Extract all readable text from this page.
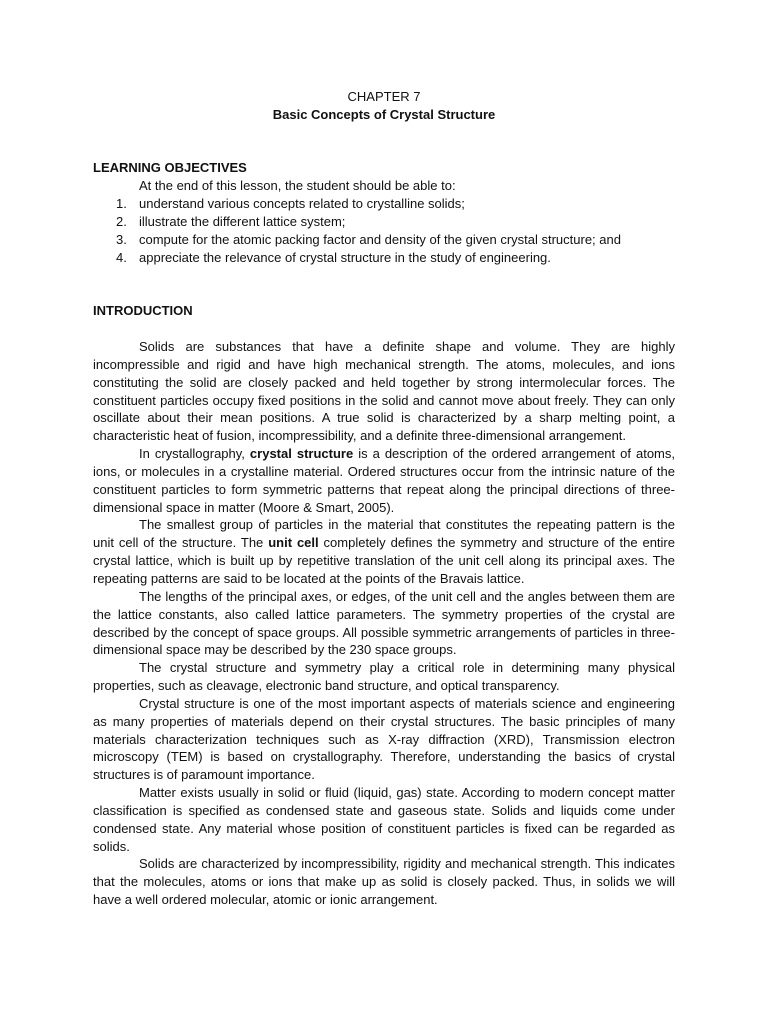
CHAPTER 7
Basic Concepts of Crystal Structure
LEARNING OBJECTIVES
At the end of this lesson, the student should be able to:
1. understand various concepts related to crystalline solids;
2. illustrate the different lattice system;
3. compute for the atomic packing factor and density of the given crystal structure; and
4. appreciate the relevance of crystal structure in the study of engineering.
INTRODUCTION

Solids are substances that have a definite shape and volume. They are highly incompressible and rigid and have high mechanical strength. The atoms, molecules, and ions constituting the solid are closely packed and held together by strong intermolecular forces. The constituent particles occupy fixed positions in the solid and cannot move about freely. They can only oscillate about their mean positions. A true solid is characterized by a sharp melting point, a characteristic heat of fusion, incompressibility, and a definite three-dimensional arrangement.

In crystallography, crystal structure is a description of the ordered arrangement of atoms, ions, or molecules in a crystalline material. Ordered structures occur from the intrinsic nature of the constituent particles to form symmetric patterns that repeat along the principal directions of three-dimensional space in matter (Moore & Smart, 2005).

The smallest group of particles in the material that constitutes the repeating pattern is the unit cell of the structure. The unit cell completely defines the symmetry and structure of the entire crystal lattice, which is built up by repetitive translation of the unit cell along its principal axes. The repeating patterns are said to be located at the points of the Bravais lattice.

The lengths of the principal axes, or edges, of the unit cell and the angles between them are the lattice constants, also called lattice parameters. The symmetry properties of the crystal are described by the concept of space groups. All possible symmetric arrangements of particles in three-dimensional space may be described by the 230 space groups.

The crystal structure and symmetry play a critical role in determining many physical properties, such as cleavage, electronic band structure, and optical transparency.

Crystal structure is one of the most important aspects of materials science and engineering as many properties of materials depend on their crystal structures. The basic principles of many materials characterization techniques such as X-ray diffraction (XRD), Transmission electron microscopy (TEM) is based on crystallography. Therefore, understanding the basics of crystal structures is of paramount importance.

Matter exists usually in solid or fluid (liquid, gas) state. According to modern concept matter classification is specified as condensed state and gaseous state. Solids and liquids come under condensed state. Any material whose position of constituent particles is fixed can be regarded as solids.

Solids are characterized by incompressibility, rigidity and mechanical strength. This indicates that the molecules, atoms or ions that make up as solid is closely packed. Thus, in solids we will have a well ordered molecular, atomic or ionic arrangement.
